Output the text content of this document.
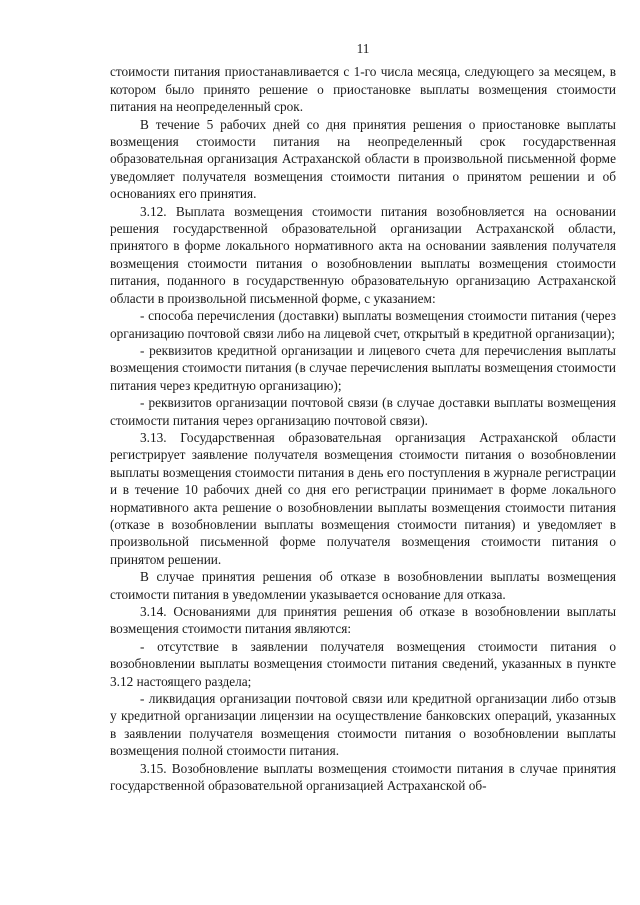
11

стоимости питания приостанавливается с 1-го числа месяца, следующего за месяцем, в котором было принято решение о приостановке выплаты возмещения стоимости питания на неопределенный срок.

В течение 5 рабочих дней со дня принятия решения о приостановке выплаты возмещения стоимости питания на неопределенный срок государственная образовательная организация Астраханской области в произвольной письменной форме уведомляет получателя возмещения стоимости питания о принятом решении и об основаниях его принятия.

3.12. Выплата возмещения стоимости питания возобновляется на основании решения государственной образовательной организации Астраханской области, принятого в форме локального нормативного акта на основании заявления получателя возмещения стоимости питания о возобновлении выплаты возмещения стоимости питания, поданного в государственную образовательную организацию Астраханской области в произвольной письменной форме, с указанием:

- способа перечисления (доставки) выплаты возмещения стоимости питания (через организацию почтовой связи либо на лицевой счет, открытый в кредитной организации);

- реквизитов кредитной организации и лицевого счета для перечисления выплаты возмещения стоимости питания (в случае перечисления выплаты возмещения стоимости питания через кредитную организацию);

- реквизитов организации почтовой связи (в случае доставки выплаты возмещения стоимости питания через организацию почтовой связи).

3.13. Государственная образовательная организация Астраханской области регистрирует заявление получателя возмещения стоимости питания о возобновлении выплаты возмещения стоимости питания в день его поступления в журнале регистрации и в течение 10 рабочих дней со дня его регистрации принимает в форме локального нормативного акта решение о возобновлении выплаты возмещения стоимости питания (отказе в возобновлении выплаты возмещения стоимости питания) и уведомляет в произвольной письменной форме получателя возмещения стоимости питания о принятом решении.

В случае принятия решения об отказе в возобновлении выплаты возмещения стоимости питания в уведомлении указывается основание для отказа.

3.14. Основаниями для принятия решения об отказе в возобновлении выплаты возмещения стоимости питания являются:

- отсутствие в заявлении получателя возмещения стоимости питания о возобновлении выплаты возмещения стоимости питания сведений, указанных в пункте 3.12 настоящего раздела;

- ликвидация организации почтовой связи или кредитной организации либо отзыв у кредитной организации лицензии на осуществление банковских операций, указанных в заявлении получателя возмещения стоимости питания о возобновлении выплаты возмещения полной стоимости питания.

3.15. Возобновление выплаты возмещения стоимости питания в случае принятия государственной образовательной организацией Астраханской об-
